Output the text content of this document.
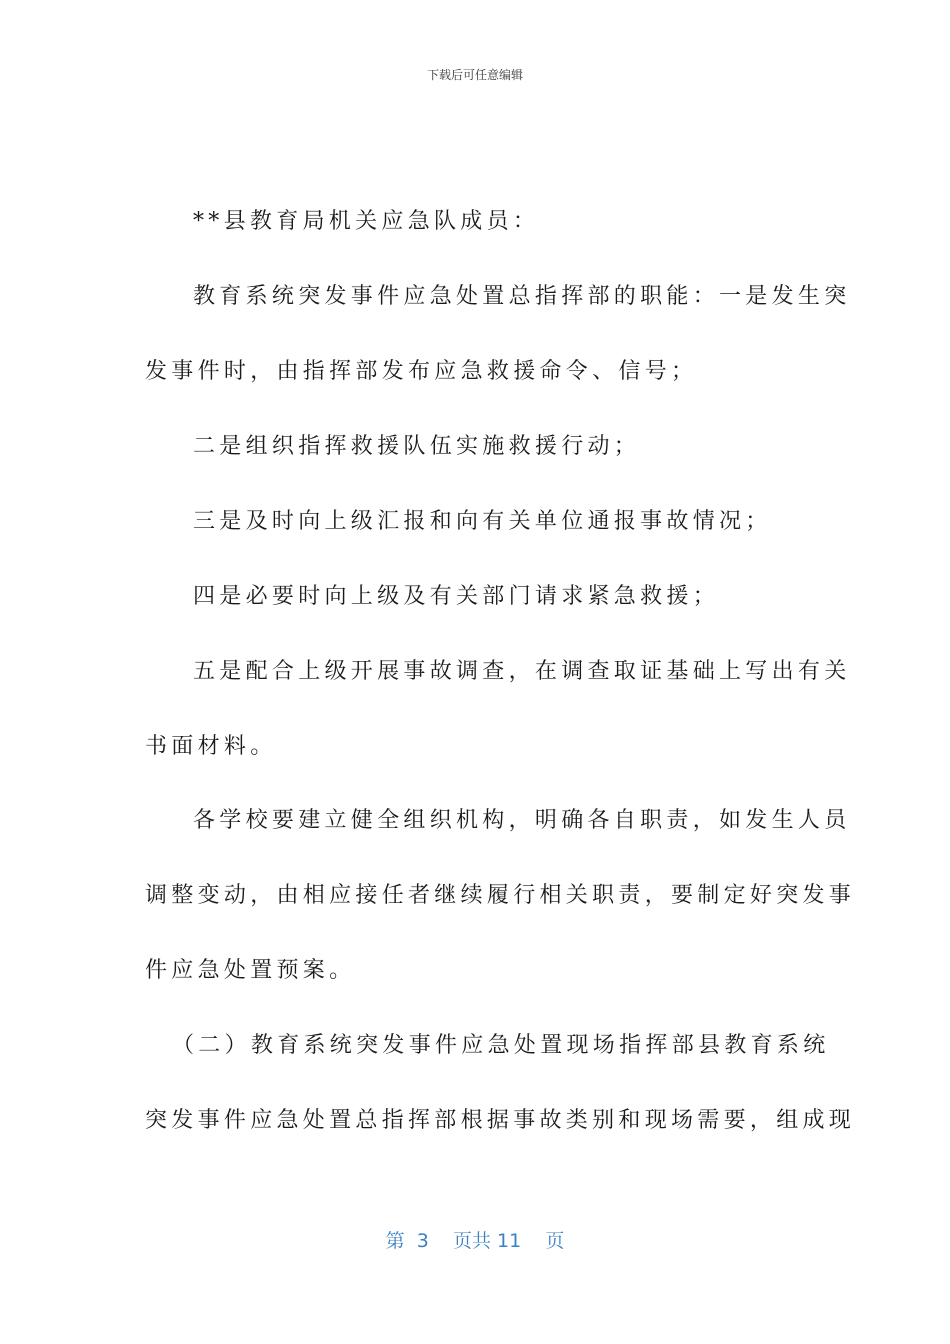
下载后可任意编辑
**县教育局机关应急队成员：
教育系统突发事件应急处置总指挥部的职能：一是发生突
发事件时，由指挥部发布应急救援命令、信号；
二是组织指挥救援队伍实施救援行动；
三是及时向上级汇报和向有关单位通报事故情况；
四是必要时向上级及有关部门请求紧急救援；
五是配合上级开展事故调查，在调查取证基础上写出有关
书面材料。
各学校要建立健全组织机构，明确各自职责，如发生人员
调整变动，由相应接任者继续履行相关职责，要制定好突发事
件应急处置预案。
（二）教育系统突发事件应急处置现场指挥部县教育系统
突发事件应急处置总指挥部根据事故类别和现场需要，组成现
第 3 页共 11 页
